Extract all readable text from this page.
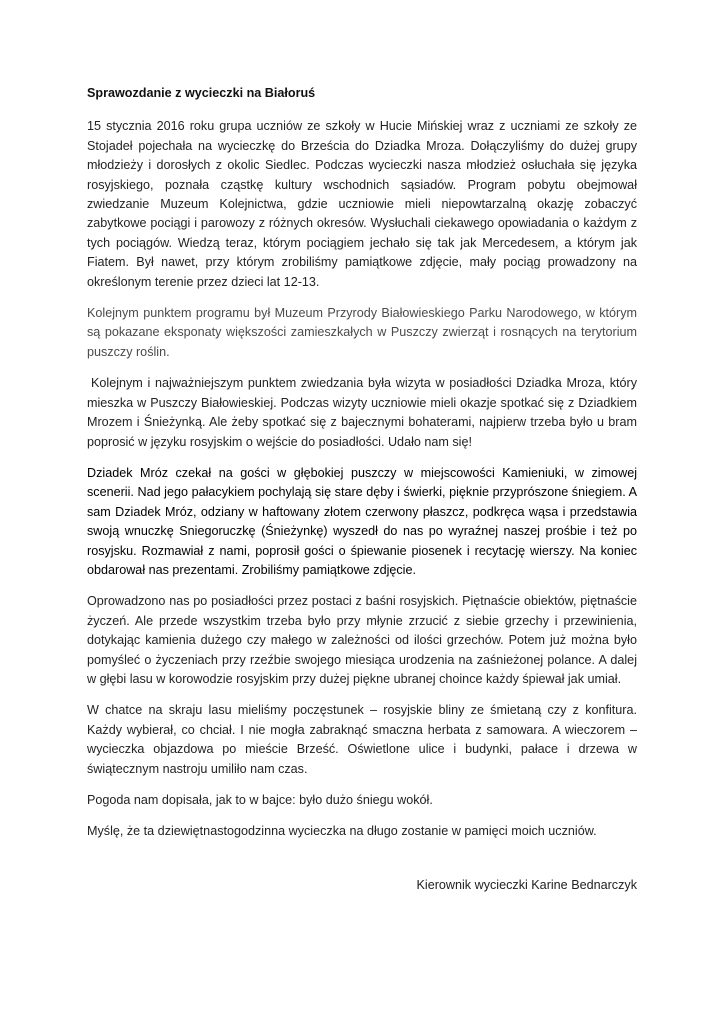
Sprawozdanie z wycieczki na Białoruś

15 stycznia 2016 roku grupa uczniów ze szkoły w Hucie Mińskiej wraz z uczniami ze szkoły ze Stojadeł pojechała na wycieczkę do Brześcia do Dziadka Mroza. Dołączyliśmy do dużej grupy młodzieży i dorosłych z okolic Siedlec. Podczas wycieczki nasza młodzież osłuchała się języka rosyjskiego, poznała cząstkę kultury wschodnich sąsiadów. Program pobytu obejmował zwiedzanie Muzeum Kolejnictwa, gdzie uczniowie mieli niepowtarzalną okazję zobaczyć zabytkowe pociągi i parowozy z różnych okresów. Wysłuchali ciekawego opowiadania o każdym z tych pociągów. Wiedzą teraz, którym pociągiem jechało się tak jak Mercedesem, a którym jak Fiatem. Był nawet, przy którym zrobiliśmy pamiątkowe zdjęcie, mały pociąg prowadzony na określonym terenie przez dzieci lat 12-13.

Kolejnym punktem programu był Muzeum Przyrody Białowieskiego Parku Narodowego, w którym są pokazane eksponaty większości zamieszkałych w Puszczy zwierząt i rosnących na terytorium puszczy roślin.

Kolejnym i najważniejszym punktem zwiedzania była wizyta w posiadłości Dziadka Mroza, który mieszka w Puszczy Białowieskiej. Podczas wizyty uczniowie mieli okazje spotkać się z Dziadkiem Mrozem i Śnieżynką. Ale żeby spotkać się z bajecznymi bohaterami, najpierw trzeba było u bram poprosić w języku rosyjskim o wejście do posiadłości. Udało nam się!

Dziadek Mróz czekał na gości w głębokiej puszczy w miejscowości Kamieniuki, w zimowej scenerii. Nad jego pałacykiem pochylają się stare dęby i świerki, pięknie przyprószone śniegiem. A sam Dziadek Mróz, odziany w haftowany złotem czerwony płaszcz, podkręca wąsa i przedstawia swoją wnuczkę Sniegoruczkę (Śnieżynkę) wyszedł do nas po wyraźnej naszej prośbie i też po rosyjsku. Rozmawiał z nami, poprosił gości o śpiewanie piosenek i recytację wierszy. Na koniec obdarował nas prezentami. Zrobiliśmy pamiątkowe zdjęcie.

Oprowadzono nas po posiadłości przez postaci z baśni rosyjskich. Piętnaście obiektów, piętnaście życzeń. Ale przede wszystkim trzeba było przy młynie zrzucić z siebie grzechy i przewinienia, dotykając kamienia dużego czy małego w zależności od ilości grzechów. Potem już można było pomyśleć o życzeniach przy rzeźbie swojego miesiąca urodzenia na zaśnieżonej polance. A dalej w głębi lasu w korowodzie rosyjskim przy dużej piękne ubranej choince każdy śpiewał jak umiał.

W chatce na skraju lasu mieliśmy poczęstunek – rosyjskie bliny ze śmietaną czy z konfitura. Każdy wybierał, co chciał. I nie mogła zabraknąć smaczna herbata z samowara. A wieczorem – wycieczka objazdowa po mieście Brześć. Oświetlone ulice i budynki, pałace i drzewa w świątecznym nastroju umiliło nam czas.

Pogoda nam dopisała, jak to w bajce: było dużo śniegu wokół.

Myślę, że ta dziewiętnastogodzinna wycieczka na długo zostanie w pamięci moich uczniów.

Kierownik wycieczki Karine Bednarczyk
